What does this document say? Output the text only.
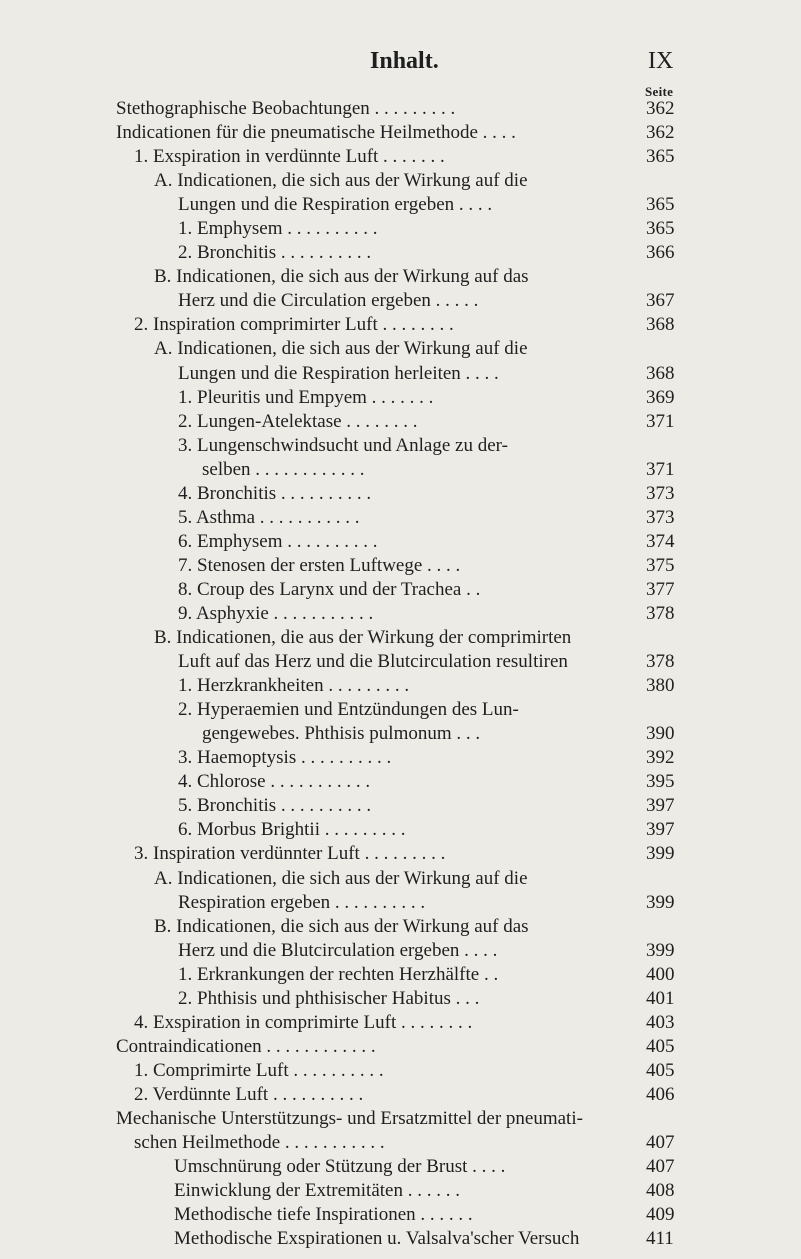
Inhalt.	IX
Seite
Stethographische Beobachtungen . . . . . . . . .	362
Indicationen für die pneumatische Heilmethode . . . .	362
1. Exspiration in verdünnte Luft . . . . . . .	365
A. Indicationen, die sich aus der Wirkung auf die
Lungen und die Respiration ergeben . . . .	365
1. Emphysem . . . . . . . . . .	365
2. Bronchitis . . . . . . . . . .	366
B. Indicationen, die sich aus der Wirkung auf das
Herz und die Circulation ergeben . . . . .	367
2. Inspiration comprimirter Luft . . . . . . . .	368
A. Indicationen, die sich aus der Wirkung auf die
Lungen und die Respiration herleiten . . . .	368
1. Pleuritis und Empyem . . . . . . .	369
2. Lungen-Atelektase . . . . . . . .	371
3. Lungenschwindsucht und Anlage zu der-
selben . . . . . . . . . . . .	371
4. Bronchitis . . . . . . . . . .	373
5. Asthma . . . . . . . . . . .	373
6. Emphysem . . . . . . . . . .	374
7. Stenosen der ersten Luftwege . . . .	375
8. Croup des Larynx und der Trachea . .	377
9. Asphyxie . . . . . . . . . . .	378
B. Indicationen, die aus der Wirkung der comprimirten
Luft auf das Herz und die Blutcirculation resultiren	378
1. Herzkrankheiten . . . . . . . . .	380
2. Hyperaemien und Entzündungen des Lun-
gengewebes. Phthisis pulmonum . . .	390
3. Haemoptysis . . . . . . . . . .	392
4. Chlorose . . . . . . . . . . .	395
5. Bronchitis . . . . . . . . . .	397
6. Morbus Brightii . . . . . . . . .	397
3. Inspiration verdünnter Luft . . . . . . . . .	399
A. Indicationen, die sich aus der Wirkung auf die
Respiration ergeben . . . . . . . . . .	399
B. Indicationen, die sich aus der Wirkung auf das
Herz und die Blutcirculation ergeben . . . .	399
1. Erkrankungen der rechten Herzhälfte . .	400
2. Phthisis und phthisischer Habitus . . .	401
4. Exspiration in comprimirte Luft . . . . . . . .	403
Contraindicationen . . . . . . . . . . . .	405
1. Comprimirte Luft . . . . . . . . . .	405
2. Verdünnte Luft . . . . . . . . . .	406
Mechanische Unterstützungs- und Ersatzmittel der pneumati-
schen Heilmethode . . . . . . . . . . .	407
Umschnürung oder Stützung der Brust . . . .	407
Einwicklung der Extremitäten . . . . . .	408
Methodische tiefe Inspirationen . . . . . .	409
Methodische Exspirationen u. Valsalva'scher Versuch	411
